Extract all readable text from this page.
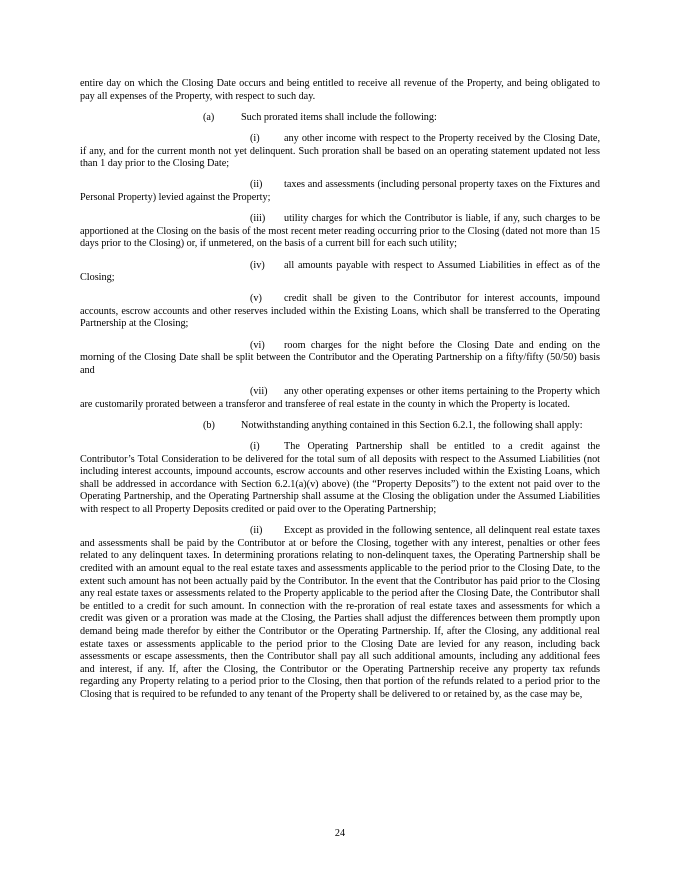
entire day on which the Closing Date occurs and being entitled to receive all revenue of the Property, and being obligated to pay all expenses of the Property, with respect to such day.

(a)	Such prorated items shall include the following:

(i) any other income with respect to the Property received by the Closing Date, if any, and for the current month not yet delinquent. Such proration shall be based on an operating statement updated not less than 1 day prior to the Closing Date;

(ii) taxes and assessments (including personal property taxes on the Fixtures and Personal Property) levied against the Property;

(iii) utility charges for which the Contributor is liable, if any, such charges to be apportioned at the Closing on the basis of the most recent meter reading occurring prior to the Closing (dated not more than 15 days prior to the Closing) or, if unmetered, on the basis of a current bill for each such utility;

(iv) all amounts payable with respect to Assumed Liabilities in effect as of the Closing;

(v) credit shall be given to the Contributor for interest accounts, impound accounts, escrow accounts and other reserves included within the Existing Loans, which shall be transferred to the Operating Partnership at the Closing;

(vi) room charges for the night before the Closing Date and ending on the morning of the Closing Date shall be split between the Contributor and the Operating Partnership on a fifty/fifty (50/50) basis and

(vii) any other operating expenses or other items pertaining to the Property which are customarily prorated between a transferor and transferee of real estate in the county in which the Property is located.

(b)	Notwithstanding anything contained in this Section 6.2.1, the following shall apply:

(i) The Operating Partnership shall be entitled to a credit against the Contributor’s Total Consideration to be delivered for the total sum of all deposits with respect to the Assumed Liabilities (not including interest accounts, impound accounts, escrow accounts and other reserves included within the Existing Loans, which shall be addressed in accordance with Section 6.2.1(a)(v) above) (the “Property Deposits”) to the extent not paid over to the Operating Partnership, and the Operating Partnership shall assume at the Closing the obligation under the Assumed Liabilities with respect to all Property Deposits credited or paid over to the Operating Partnership;

(ii) Except as provided in the following sentence, all delinquent real estate taxes and assessments shall be paid by the Contributor at or before the Closing, together with any interest, penalties or other fees related to any delinquent taxes. In determining prorations relating to non-delinquent taxes, the Operating Partnership shall be credited with an amount equal to the real estate taxes and assessments applicable to the period prior to the Closing Date, to the extent such amount has not been actually paid by the Contributor. In the event that the Contributor has paid prior to the Closing any real estate taxes or assessments related to the Property applicable to the period after the Closing Date, the Contributor shall be entitled to a credit for such amount. In connection with the re-proration of real estate taxes and assessments for which a credit was given or a proration was made at the Closing, the Parties shall adjust the differences between them promptly upon demand being made therefor by either the Contributor or the Operating Partnership. If, after the Closing, any additional real estate taxes or assessments applicable to the period prior to the Closing Date are levied for any reason, including back assessments or escape assessments, then the Contributor shall pay all such additional amounts, including any additional fees and interest, if any. If, after the Closing, the Contributor or the Operating Partnership receive any property tax refunds regarding any Property relating to a period prior to the Closing, then that portion of the refunds related to a period prior to the Closing that is required to be refunded to any tenant of the Property shall be delivered to or retained by, as the case may be,

24
